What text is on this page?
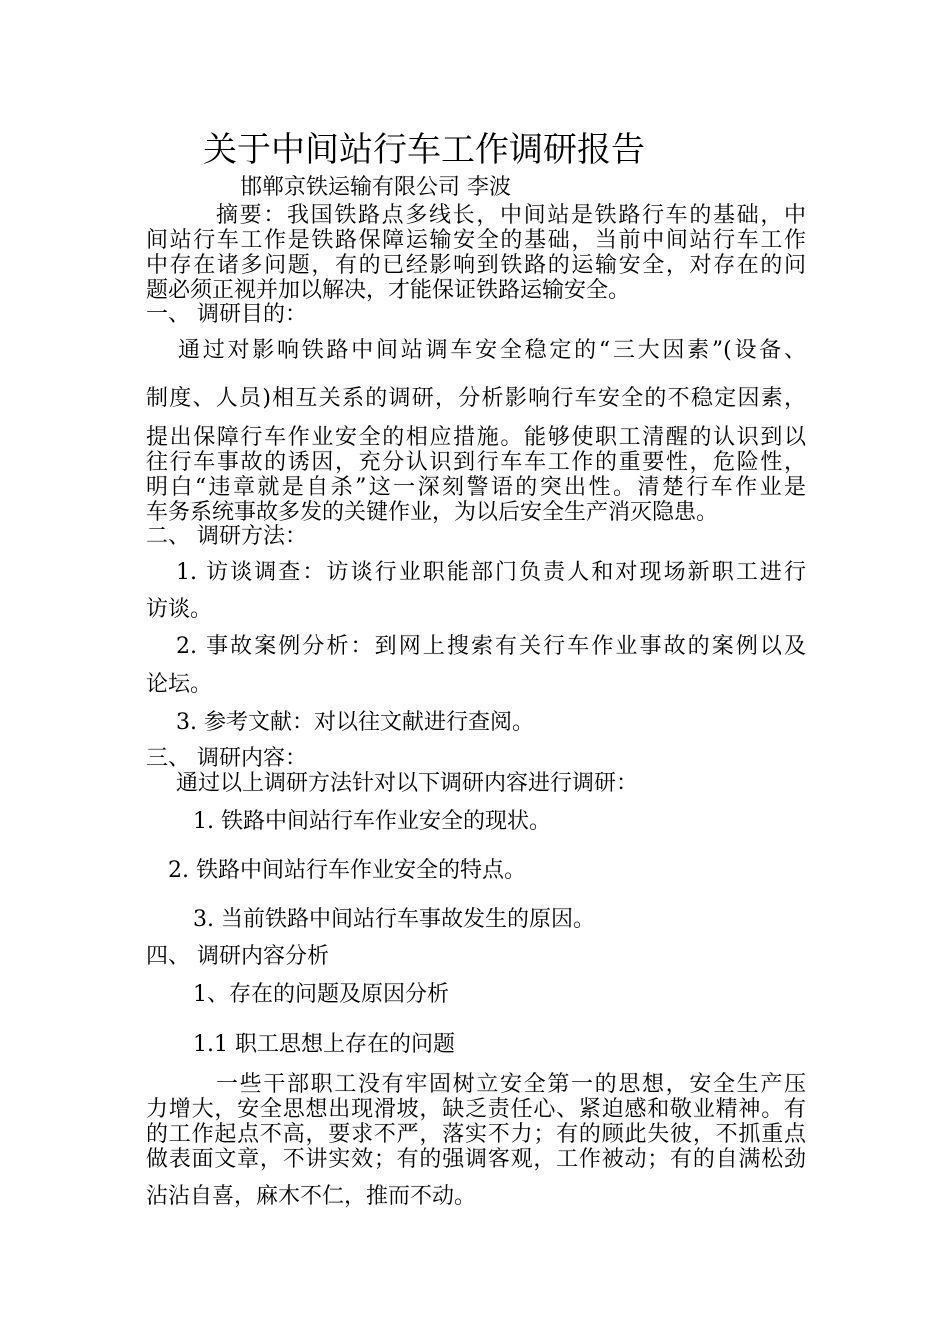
关于中间站行车工作调研报告
邯郸京铁运输有限公司 李波
摘要：我国铁路点多线长，中间站是铁路行车的基础，中
间站行车工作是铁路保障运输安全的基础，当前中间站行车工作
中存在诸多问题，有的已经影响到铁路的运输安全，对存在的问
题必须正视并加以解决，才能保证铁路运输安全。
一、 调研目的：
通过对影响铁路中间站调车安全稳定的“三大因素”(设备、
制度、人员)相互关系的调研，分析影响行车安全的不稳定因素，
提出保障行车作业安全的相应措施。能够使职工清醒的认识到以
往行车事故的诱因，充分认识到行车车工作的重要性，危险性，
明白“违章就是自杀”这一深刻警语的突出性。清楚行车作业是
车务系统事故多发的关键作业，为以后安全生产消灭隐患。
二、 调研方法：
1. 访谈调查：访谈行业职能部门负责人和对现场新职工进行
访谈。
2. 事故案例分析：到网上搜索有关行车作业事故的案例以及
论坛。
3. 参考文献：对以往文献进行查阅。
三、 调研内容：
通过以上调研方法针对以下调研内容进行调研：
1. 铁路中间站行车作业安全的现状。
2. 铁路中间站行车作业安全的特点。
3. 当前铁路中间站行车事故发生的原因。
四、 调研内容分析
1、存在的问题及原因分析
1.1 职工思想上存在的问题
一些干部职工没有牢固树立安全第一的思想，安全生产压
力增大，安全思想出现滑坡，缺乏责任心、紧迫感和敬业精神。有
的工作起点不高，要求不严，落实不力；有的顾此失彼，不抓重点
做表面文章，不讲实效；有的强调客观，工作被动；有的自满松劲
沾沾自喜，麻木不仁，推而不动。
